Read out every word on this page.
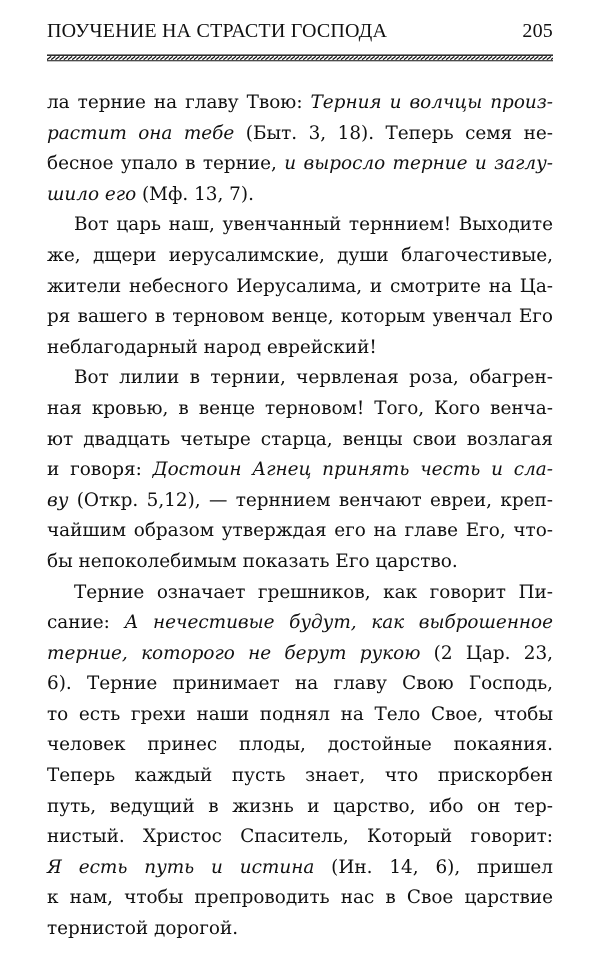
ПОУЧЕНИЕ НА СТРАСТИ ГОСПОДА	205
ла терние на главу Твою: Терния и волчцы произ-
растит она тебе (Быт. 3, 18). Теперь семя не-
бесное упало в терние, и выросло терние и заглу-
шило его (Мф. 13, 7).
Вот царь наш, увенчанный терннием! Выходите
же, дщери иерусалимские, души благочестивые,
жители небесного Иерусалима, и смотрите на Ца-
ря вашего в терновом венце, которым увенчал Его
неблагодарный народ еврейский!
Вот лилии в тернии, червленая роза, обагрен-
ная кровью, в венце терновом! Того, Кого венча-
ют двадцать четыре старца, венцы свои возлагая
и говоря: Достоин Агнец принять честь и сла-
ву (Откр. 5,12), — терннием венчают евреи, креп-
чайшим образом утверждая его на главе Его, что-
бы непоколебимым показать Его царство.
Терние означает грешников, как говорит Пи-
сание: А нечестивые будут, как выброшенное
терние, которого не берут рукою (2 Цар. 23,
6). Терние принимает на главу Свою Господь,
то есть грехи наши поднял на Тело Свое, чтобы
человек принес плоды, достойные покаяния.
Теперь каждый пусть знает, что прискорбен
путь, ведущий в жизнь и царство, ибо он тер-
нистый. Христос Спаситель, Который говорит:
Я есть путь и истина (Ин. 14, 6), пришел
к нам, чтобы препроводить нас в Свое царствие
тернистой дорогой.
